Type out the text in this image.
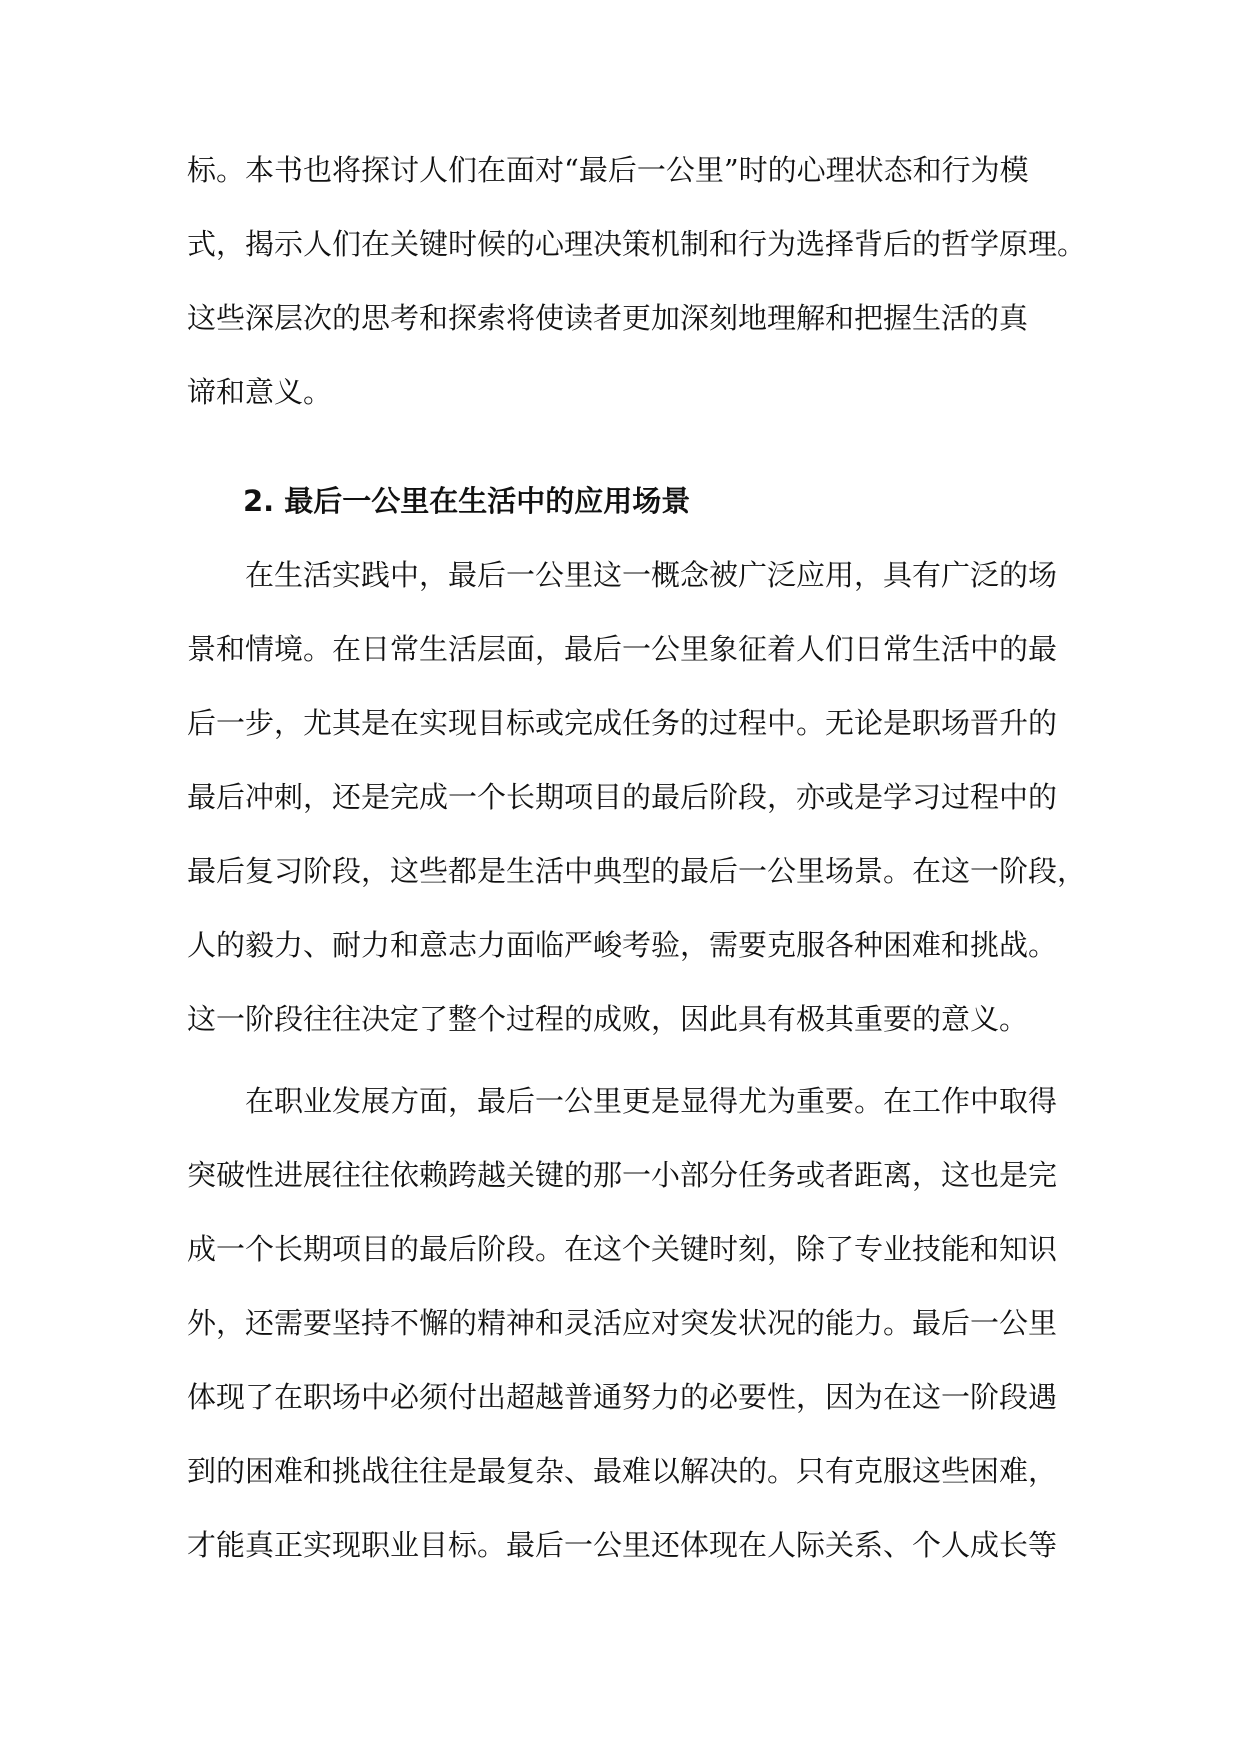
标。本书也将探讨人们在面对“最后一公里”时的心理状态和行为模
式，揭示人们在关键时候的心理决策机制和行为选择背后的哲学原理。
这些深层次的思考和探索将使读者更加深刻地理解和把握生活的真
谛和意义。
2. 最后一公里在生活中的应用场景
在生活实践中，最后一公里这一概念被广泛应用，具有广泛的场
景和情境。在日常生活层面，最后一公里象征着人们日常生活中的最
后一步，尤其是在实现目标或完成任务的过程中。无论是职场晋升的
最后冲刺，还是完成一个长期项目的最后阶段，亦或是学习过程中的
最后复习阶段，这些都是生活中典型的最后一公里场景。在这一阶段，
人的毅力、耐力和意志力面临严峻考验，需要克服各种困难和挑战。
这一阶段往往决定了整个过程的成败，因此具有极其重要的意义。
在职业发展方面，最后一公里更是显得尤为重要。在工作中取得
突破性进展往往依赖跨越关键的那一小部分任务或者距离，这也是完
成一个长期项目的最后阶段。在这个关键时刻，除了专业技能和知识
外，还需要坚持不懈的精神和灵活应对突发状况的能力。最后一公里
体现了在职场中必须付出超越普通努力的必要性，因为在这一阶段遇
到的困难和挑战往往是最复杂、最难以解决的。只有克服这些困难，
才能真正实现职业目标。最后一公里还体现在人际关系、个人成长等
